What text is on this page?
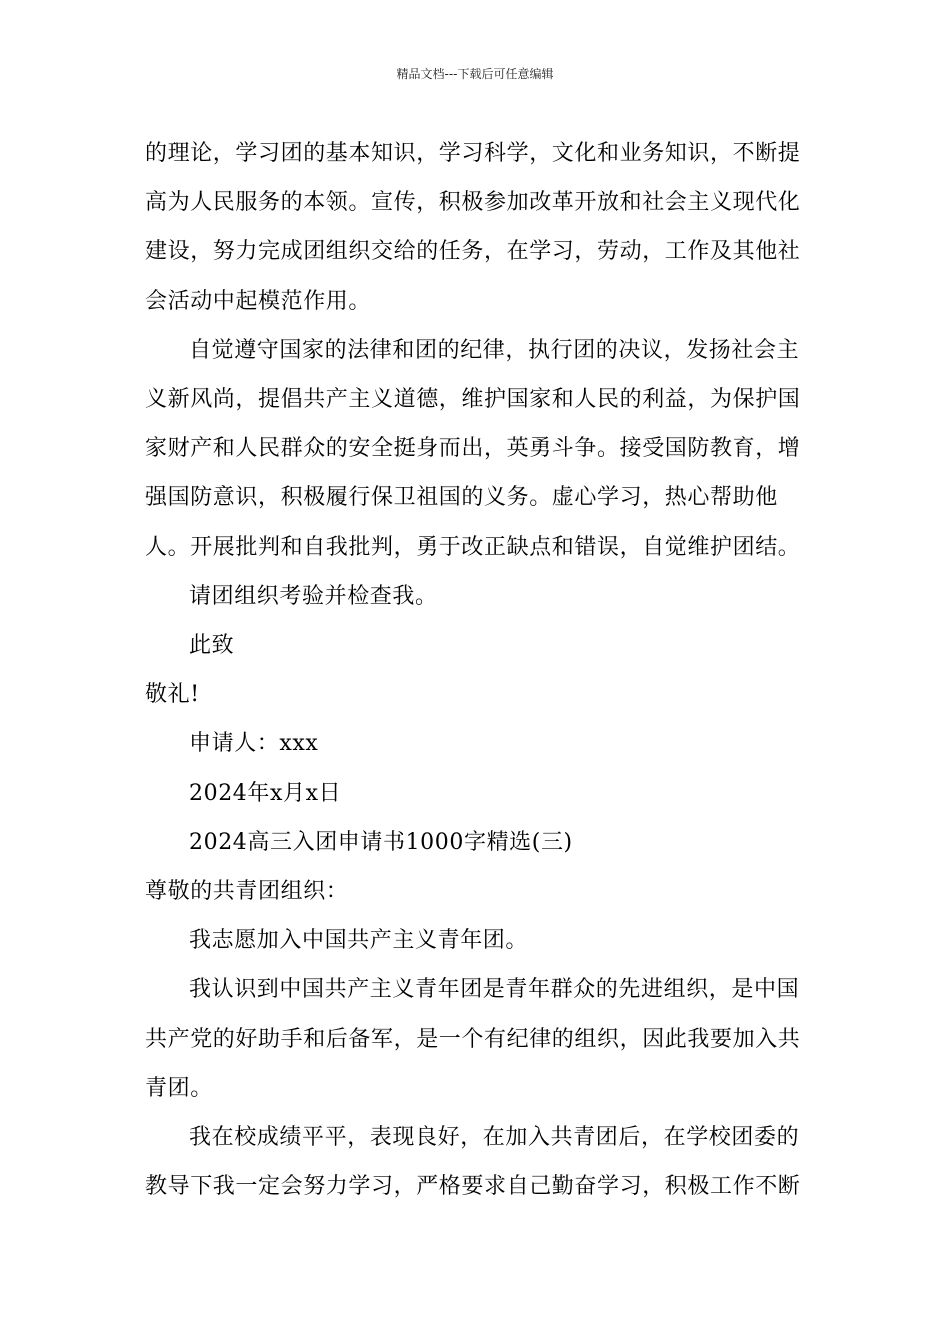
精品文档---下载后可任意编辑

的理论，学习团的基本知识，学习科学，文化和业务知识，不断提高为人民服务的本领。宣传，积极参加改革开放和社会主义现代化建设，努力完成团组织交给的任务，在学习，劳动，工作及其他社会活动中起模范作用。

自觉遵守国家的法律和团的纪律，执行团的决议，发扬社会主义新风尚，提倡共产主义道德，维护国家和人民的利益，为保护国家财产和人民群众的安全挺身而出，英勇斗争。接受国防教育，增强国防意识，积极履行保卫祖国的义务。虚心学习，热心帮助他人。开展批判和自我批判，勇于改正缺点和错误，自觉维护团结。

请团组织考验并检查我。

此致

敬礼!

申请人：xxx

2024年x月x日

2024高三入团申请书1000字精选(三)

尊敬的共青团组织：

我志愿加入中国共产主义青年团。

我认识到中国共产主义青年团是青年群众的先进组织，是中国共产党的好助手和后备军，是一个有纪律的组织，因此我要加入共青团。

我在校成绩平平，表现良好，在加入共青团后，在学校团委的教导下我一定会努力学习，严格要求自己勤奋学习，积极工作不断
